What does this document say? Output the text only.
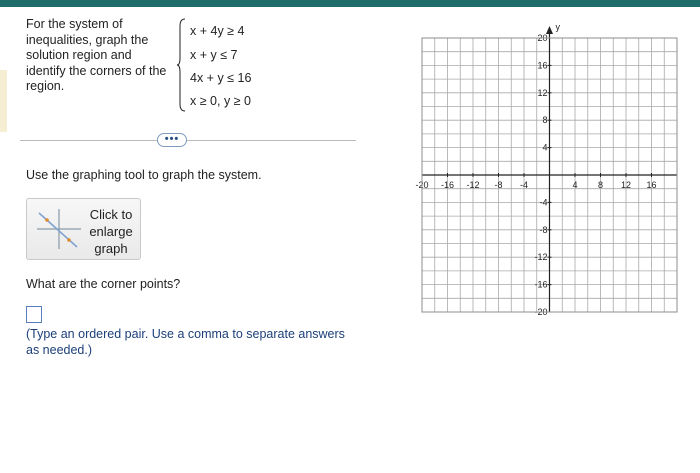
For the system of inequalities, graph the solution region and identify the corners of the region.
x + 4y ≥ 4
x + y ≤ 7
4x + y ≤ 16
x ≥ 0, y ≥ 0
•••
Use the graphing tool to graph the system.
Click to enlarge graph
What are the corner points?
(Type an ordered pair. Use a comma to separate answers as needed.)
y
-20 -16 -12 -8 -4	4 8 12 16
20
16
12
8
4
-4
-8
-12
-16
-20
